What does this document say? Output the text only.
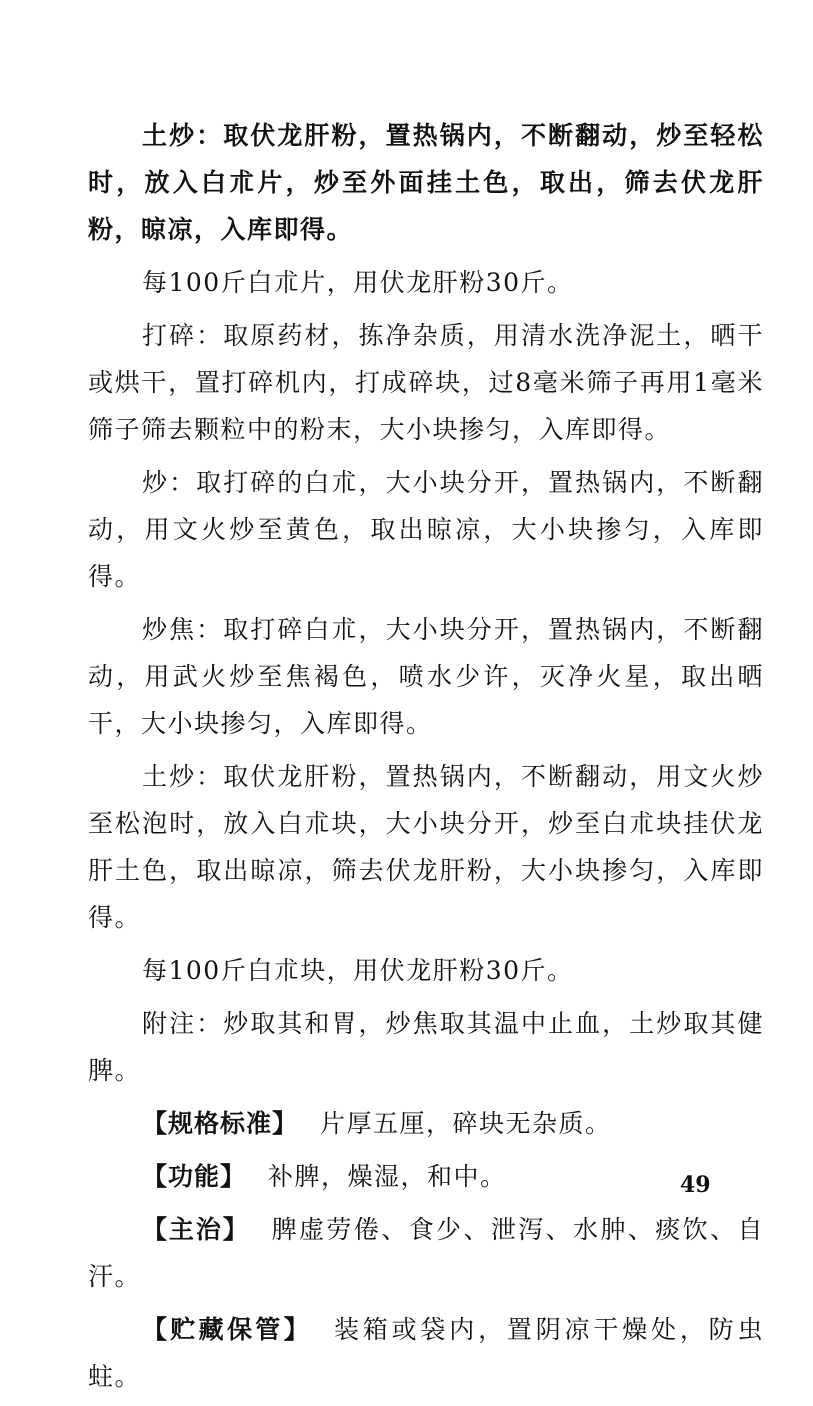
土炒：取伏龙肝粉，置热锅内，不断翻动，炒至轻松时，放入白朮片，炒至外面挂土色，取出，筛去伏龙肝粉，晾凉，入库即得。

每100斤白朮片，用伏龙肝粉30斤。

打碎：取原药材，拣净杂质，用清水洗净泥土，晒干或烘干，置打碎机内，打成碎块，过8毫米筛子再用1毫米筛子筛去颗粒中的粉末，大小块掺匀，入库即得。

炒：取打碎的白朮，大小块分开，置热锅内，不断翻动，用文火炒至黄色，取出晾凉，大小块掺匀，入库即得。

炒焦：取打碎白朮，大小块分开，置热锅内，不断翻动，用武火炒至焦褐色，喷水少许，灭净火星，取出晒干，大小块掺匀，入库即得。

土炒：取伏龙肝粉，置热锅内，不断翻动，用文火炒至松泡时，放入白朮块，大小块分开，炒至白朮块挂伏龙肝土色，取出晾凉，筛去伏龙肝粉，大小块掺匀，入库即得。

每100斤白朮块，用伏龙肝粉30斤。

附注：炒取其和胃，炒焦取其温中止血，土炒取其健脾。

【规格标准】 片厚五厘，碎块无杂质。

【功能】 补脾，燥湿，和中。

【主治】 脾虚劳倦、食少、泄泻、水肿、痰饮、自汗。

【贮藏保管】 装箱或袋内，置阴凉干燥处，防虫蛀。

49
